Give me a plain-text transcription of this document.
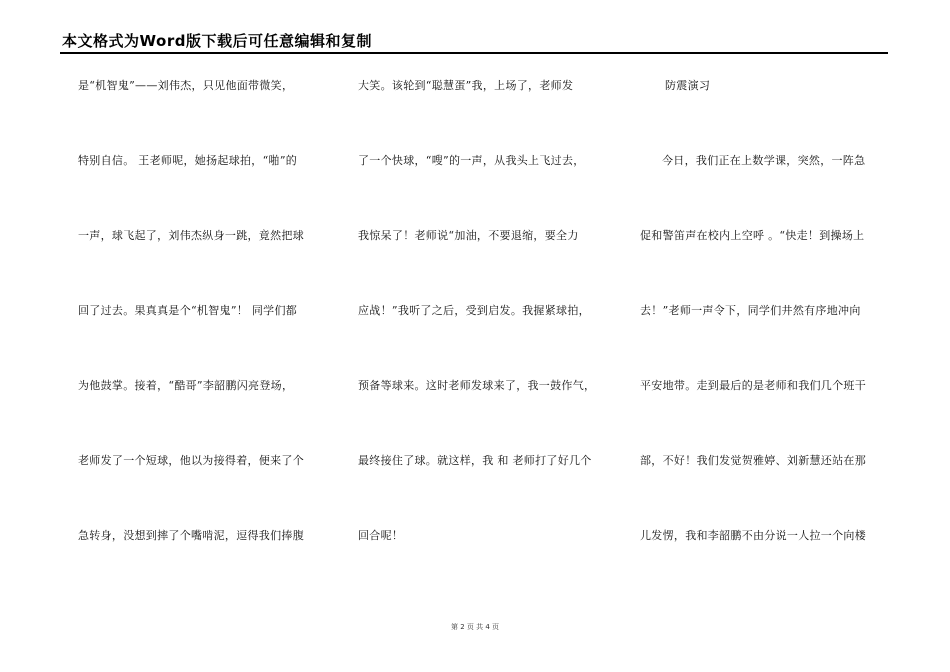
本文格式为Word版下载后可任意编辑和复制
是“机智鬼”——刘伟杰，只见他面带微笑，
特别自信。 王老师呢，她扬起球拍，“啪”的
一声，球飞起了，刘伟杰纵身一跳，竟然把球
回了过去。果真真是个“机智鬼”！ 同学们都
为他鼓掌。接着，“酷哥”李韶鹏闪亮登场，
老师发了一个短球，他以为接得着，便来了个
急转身，没想到摔了个嘴啃泥，逗得我们捧腹
大笑。该轮到“聪慧蛋”我，上场了，老师发
了一个快球，“嗖”的一声，从我头上飞过去，
我惊呆了！老师说“加油，不要退缩，要全力
应战！”我听了之后，受到启发。我握紧球拍，
预备等球来。这时老师发球来了，我一鼓作气，
最终接住了球。就这样，我 和 老师打了好几个
回合呢！
防震演习
今日，我们正在上数学课，突然，一阵急
促和警笛声在校内上空呼 。“快走！到操场上
去！”老师一声令下，同学们井然有序地冲向
平安地带。走到最后的是老师和我们几个班干
部，不好！我们发觉贺雅婷、刘新慧还站在那
儿发愣，我和李韶鹏不由分说一人拉一个向楼
第 2 页 共 4 页
